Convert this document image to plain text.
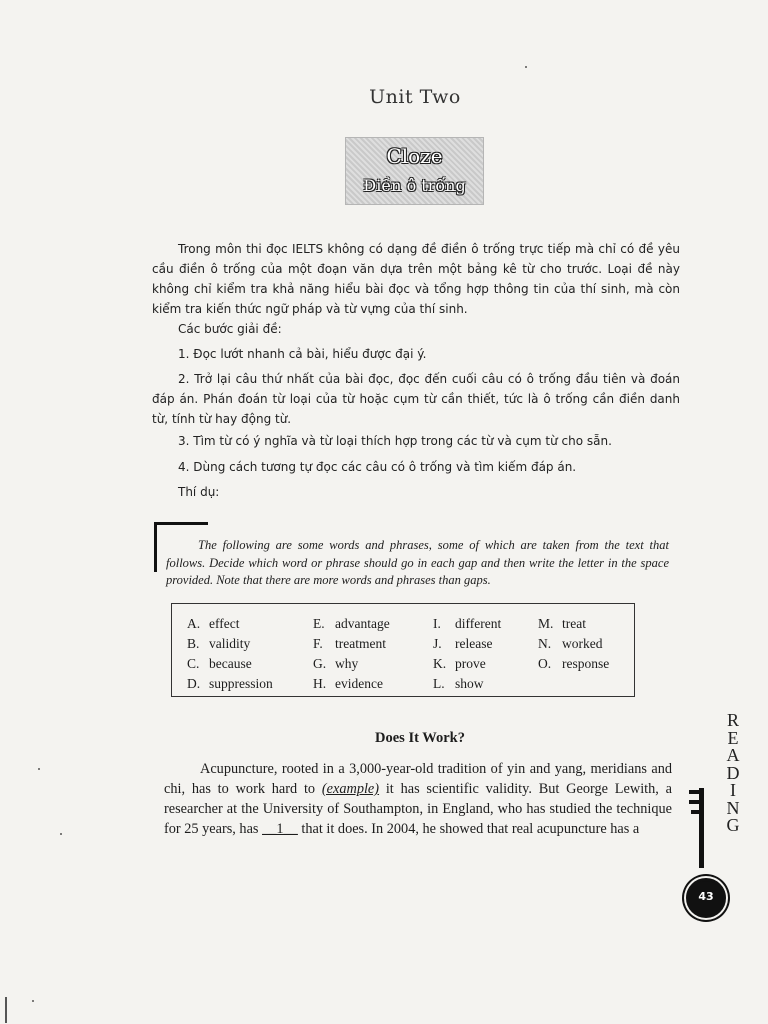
Unit Two
Cloze
Điền ô trống
Trong môn thi đọc IELTS không có dạng đề điền ô trống trực tiếp mà chỉ có đề yêu cầu điền ô trống của một đoạn văn dựa trên một bảng kê từ cho trước. Loại đề này không chỉ kiểm tra khả năng hiểu bài đọc và tổng hợp thông tin của thí sinh, mà còn kiểm tra kiến thức ngữ pháp và từ vựng của thí sinh.
Các bước giải đề:
1. Đọc lướt nhanh cả bài, hiểu được đại ý.
2. Trở lại câu thứ nhất của bài đọc, đọc đến cuối câu có ô trống đầu tiên và đoán đáp án. Phán đoán từ loại của từ hoặc cụm từ cần thiết, tức là ô trống cần điền danh từ, tính từ hay động từ.
3. Tìm từ có ý nghĩa và từ loại thích hợp trong các từ và cụm từ cho sẵn.
4. Dùng cách tương tự đọc các câu có ô trống và tìm kiếm đáp án.
Thí dụ:
The following are some words and phrases, some of which are taken from the text that follows. Decide which word or phrase should go in each gap and then write the letter in the space provided. Note that there are more words and phrases than gaps.
A. effect
B. validity
C. because
D. suppression
E. advantage
F. treatment
G. why
H. evidence
I. different
J. release
K. prove
L. show
M. treat
N. worked
O. response
Does It Work?
Acupuncture, rooted in a 3,000-year-old tradition of yin and yang, meridians and chi, has to work hard to (example) it has scientific validity. But George Lewith, a researcher at the University of Southampton, in England, who has studied the technique for 25 years, has __1__ that it does. In 2004, he showed that real acupuncture has a
R
E
A
D
I
N
G
43
